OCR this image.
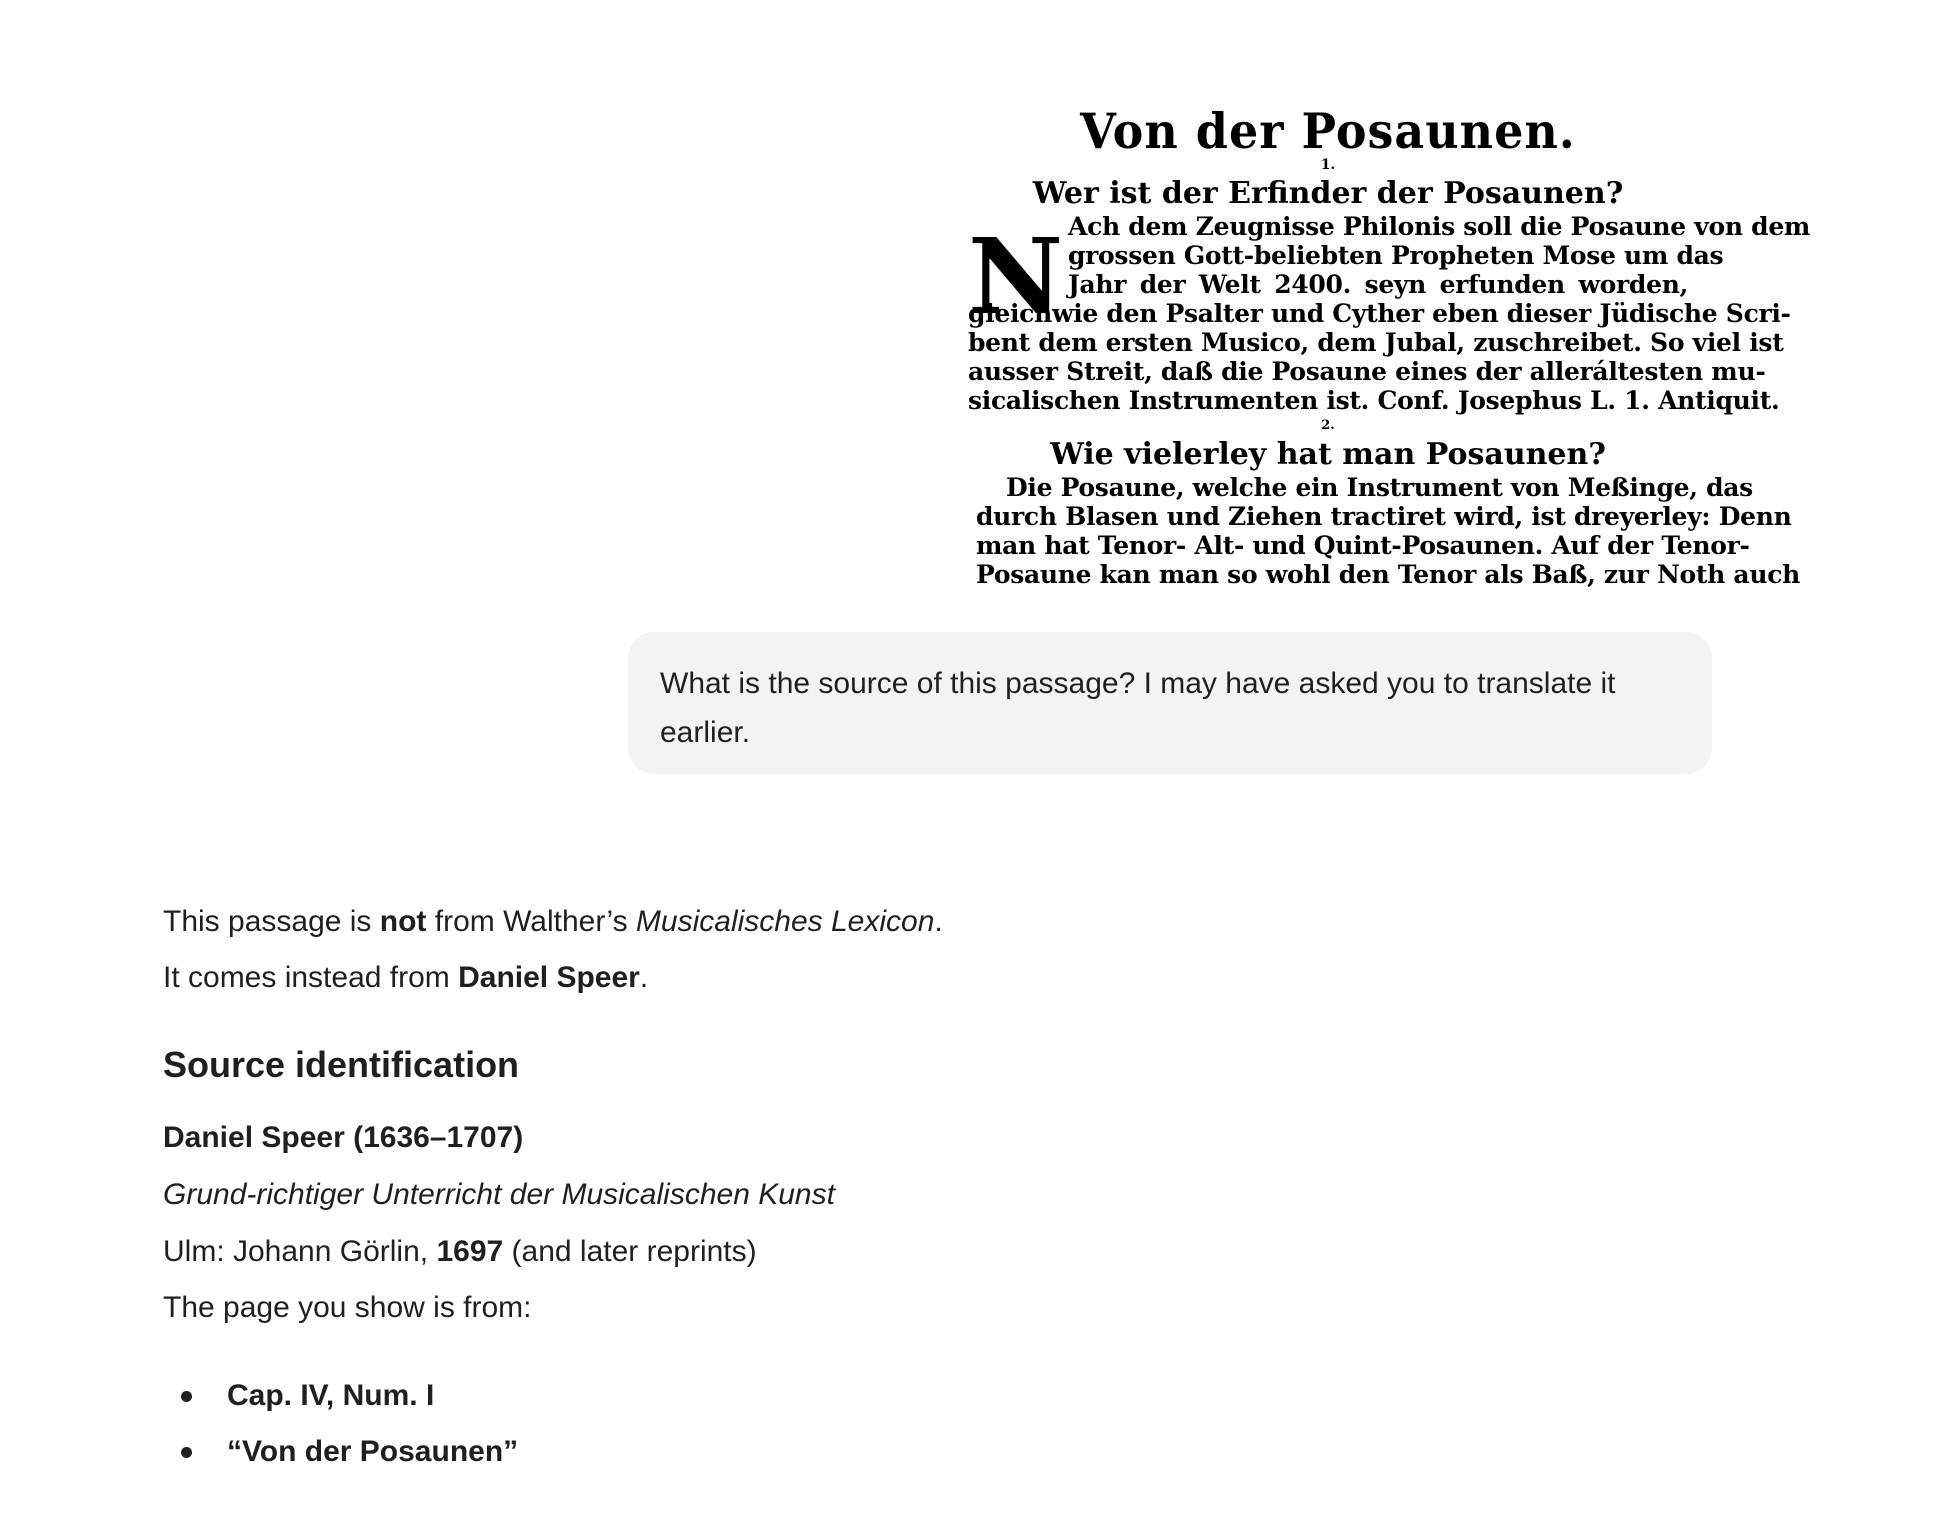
Von der Posaunen.
1.
Wer ist der Erfinder der Posaunen?
N Ach dem Zeugnisse Philonis soll die Posaune von dem
grossen Gott-beliebten Propheten Mose um das
Jahr der Welt 2400. seyn erfunden worden,
gleichwie den Psalter und Cyther eben dieser Jüdische Scri-
bent dem ersten Musico, dem Jubal, zuschreibet. So viel ist
ausser Streit, daß die Posaune eines der alleráltesten mu-
sicalischen Instrumenten ist. Conf. Josephus L. 1. Antiquit.
2.
Wie vielerley hat man Posaunen?
Die Posaune, welche ein Instrument von Meßinge, das
durch Blasen und Ziehen tractiret wird, ist dreyerley: Denn
man hat Tenor- Alt- und Quint-Posaunen. Auf der Tenor-
Posaune kan man so wohl den Tenor als Baß, zur Noth auch
What is the source of this passage? I may have asked you to translate it earlier.

This passage is not from Walther’s Musicalisches Lexicon.

It comes instead from Daniel Speer.

Source identification

Daniel Speer (1636–1707)

Grund-richtiger Unterricht der Musicalischen Kunst

Ulm: Johann Görlin, 1697 (and later reprints)

The page you show is from:

Cap. IV, Num. I
“Von der Posaunen”
